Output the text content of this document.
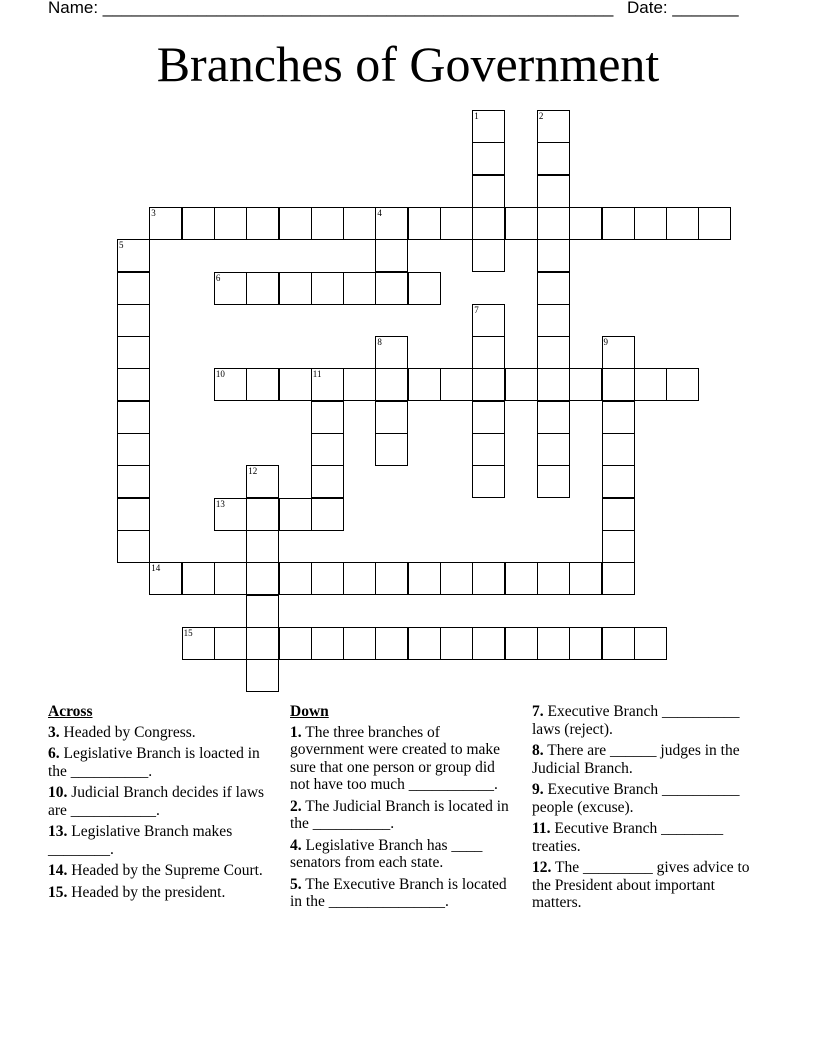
Name: ______________________________________________________ Date: _______
Branches of Government
1	2
3	4
5
6
7
8	9
10	11
12
13
14
15
Across
3. Headed by Congress.
6. Legislative Branch is loacted in the __________.
10. Judicial Branch decides if laws are ___________.
13. Legislative Branch makes ________.
14. Headed by the Supreme Court.
15. Headed by the president.
Down
1. The three branches of government were created to make sure that one person or group did not have too much ___________.
2. The Judicial Branch is located in the __________.
4. Legislative Branch has ____ senators from each state.
5. The Executive Branch is located in the _______________.
7. Executive Branch __________ laws (reject).
8. There are ______ judges in the Judicial Branch.
9. Executive Branch __________ people (excuse).
11. Eecutive Branch ________ treaties.
12. The _________ gives advice to the President about important matters.
